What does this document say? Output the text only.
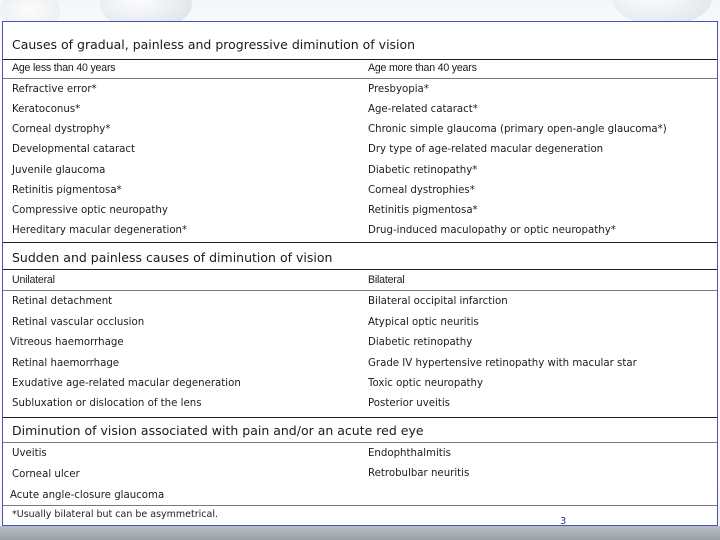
Causes of gradual, painless and progressive diminution of vision
Age less than 40 years	Age more than 40 years
Refractive error*
Keratoconus*
Corneal dystrophy*
Developmental cataract
Juvenile glaucoma
Retinitis pigmentosa*
Compressive optic neuropathy
Hereditary macular degeneration*
Presbyopia*
Age-related cataract*
Chronic simple glaucoma (primary open-angle glaucoma*)
Dry type of age-related macular degeneration
Diabetic retinopathy*
Corneal dystrophies*
Retinitis pigmentosa*
Drug-induced maculopathy or optic neuropathy*
Sudden and painless causes of diminution of vision
Unilateral	Bilateral
Retinal detachment
Retinal vascular occlusion
Vitreous haemorrhage
Retinal haemorrhage
Exudative age-related macular degeneration
Subluxation or dislocation of the lens
Bilateral occipital infarction
Atypical optic neuritis
Diabetic retinopathy
Grade IV hypertensive retinopathy with macular star
Toxic optic neuropathy
Posterior uveitis
Diminution of vision associated with pain and/or an acute red eye
Uveitis
Corneal ulcer
Acute angle-closure glaucoma
Endophthalmitis
Retrobulbar neuritis
*Usually bilateral but can be asymmetrical.
3
